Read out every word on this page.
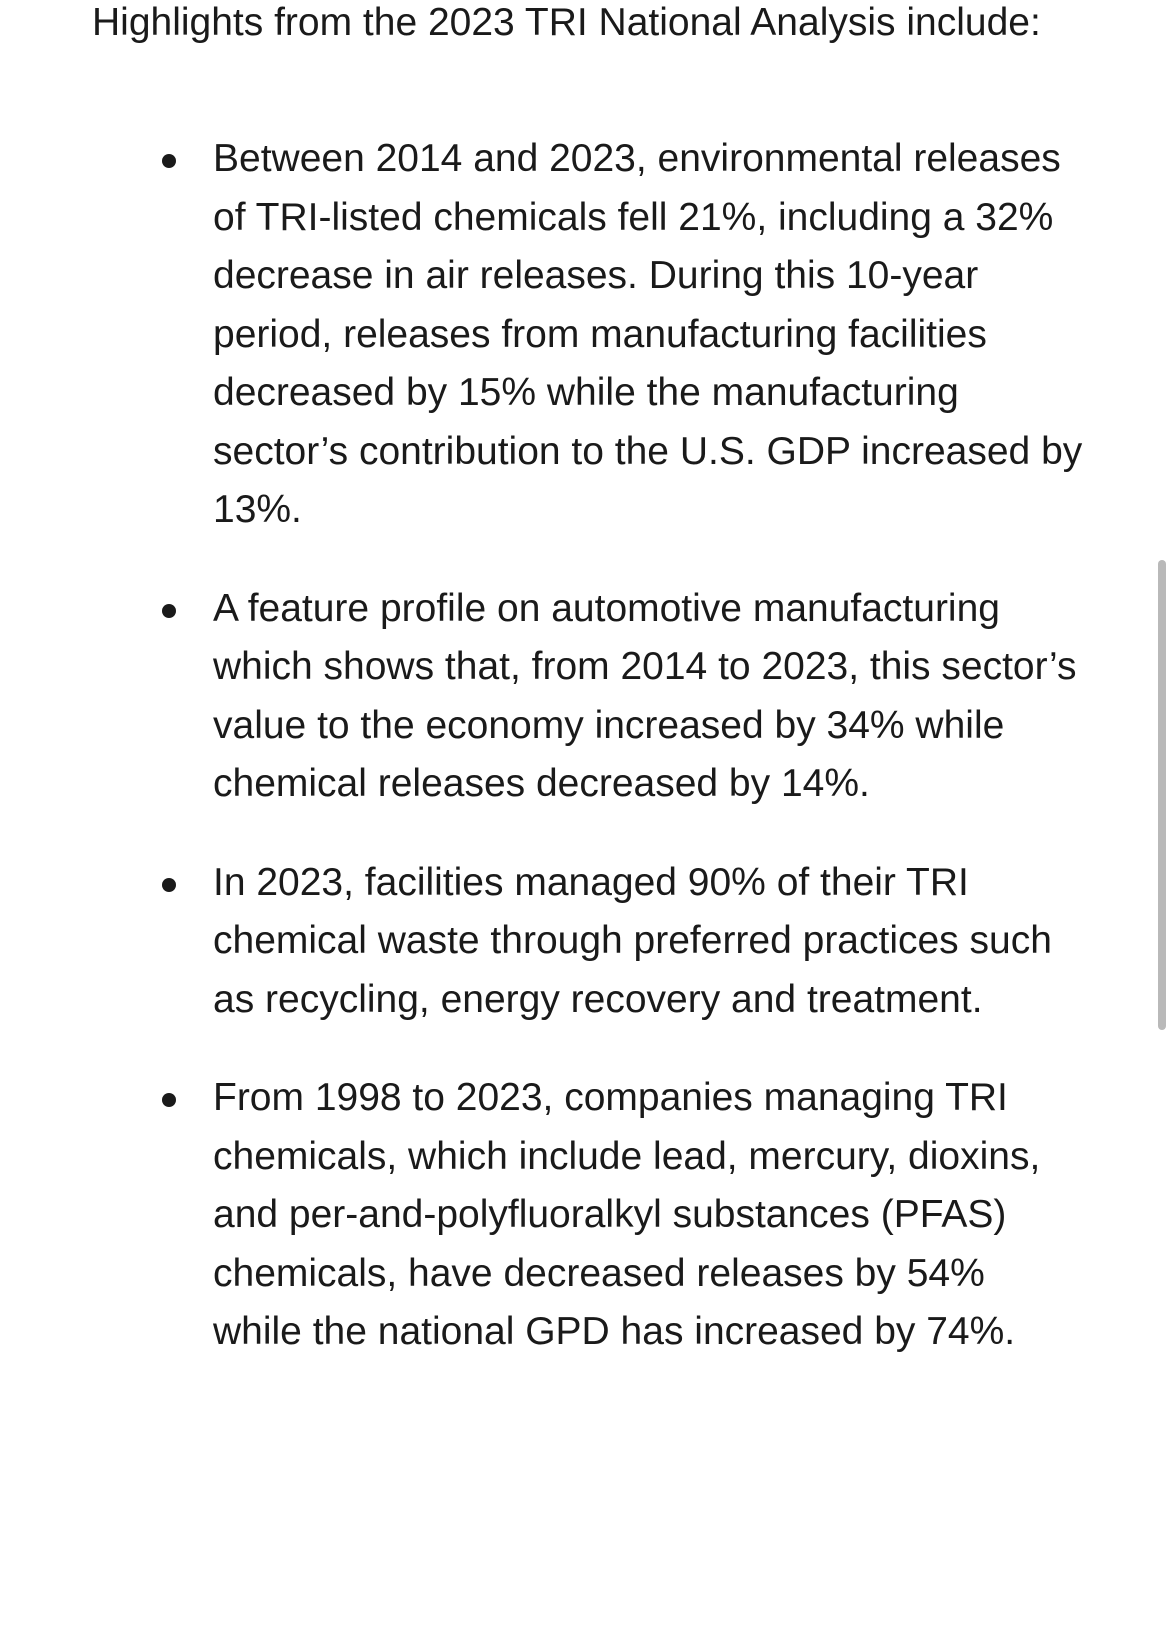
Highlights from the 2023 TRI National Analysis include:

Between 2014 and 2023, environmental releases of TRI-listed chemicals fell 21%, including a 32% decrease in air releases. During this 10-year period, releases from manufacturing facilities decreased by 15% while the manufacturing sector’s contribution to the U.S. GDP increased by 13%.
A feature profile on automotive manufacturing which shows that, from 2014 to 2023, this sector’s value to the economy increased by 34% while chemical releases decreased by 14%.
In 2023, facilities managed 90% of their TRI chemical waste through preferred practices such as recycling, energy recovery and treatment.
From 1998 to 2023, companies managing TRI chemicals, which include lead, mercury, dioxins, and per-and-polyfluoralkyl substances (PFAS) chemicals, have decreased releases by 54% while the national GPD has increased by 74%.
